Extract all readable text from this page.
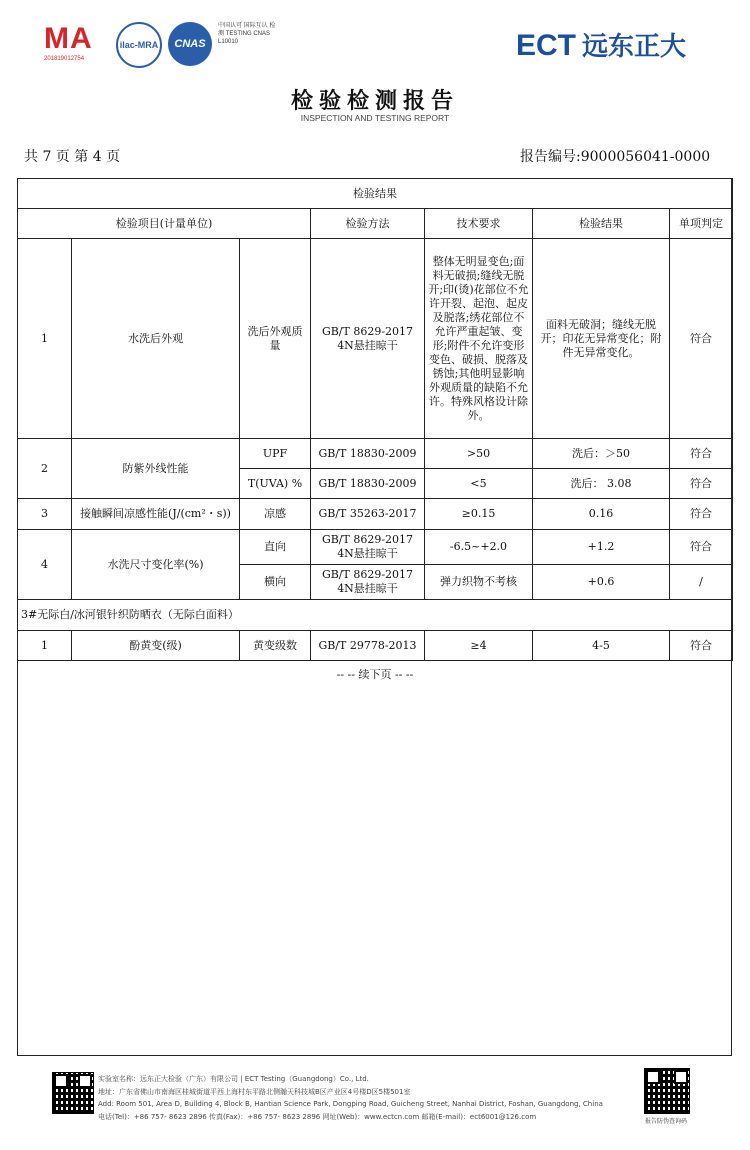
MA
201819012754
ilac-MRA CNAS
中国认可 国际互认 检测 TESTING CNAS L10010	ECT 远东正大
检验检测报告
INSPECTION AND TESTING REPORT
共 7 页 第 4 页	报告编号:9000056041-0000
检验结果						
检验项目(计量单位)			检验方法	技术要求	检验结果	单项判定
1	水洗后外观	洗后外观质量	GB/T 8629-2017 4N悬挂晾干	整体无明显变色;面料无破损;缝线无脱开;印(烫)花部位不允许开裂、起泡、起皮及脱落;绣花部位不允许严重起皱、变形;附件不允许变形变色、破损、脱落及锈蚀;其他明显影响外观质量的缺陷不允许。特殊风格设计除外。	面料无破洞；缝线无脱开；印花无异常变化；附件无异常变化。	符合
2	防紫外线性能	UPF	GB/T 18830-2009	>50	洗后：＞50	符合
		T(UVA) %	GB/T 18830-2009	<5	洗后： 3.08	符合
3	接触瞬间凉感性能(J/(cm²・s))	凉感	GB/T 35263-2017	≥0.15	0.16	符合
4	水洗尺寸变化率(%)	直向	GB/T 8629-2017 4N悬挂晾干	-6.5~+2.0	+1.2	符合
		横向	GB/T 8629-2017 4N悬挂晾干	弹力织物不考核	+0.6	/
3#无际白/冰河银针织防晒衣（无际白面料）						
1	酚黄变(级)	黄变级数	GB/T 29778-2013	≥4	4-5	符合
-- -- 续下页 -- --
实验室名称：远东正大检验（广东）有限公司 | ECT Testing（Guangdong）Co., Ltd.
地址：广东省佛山市南海区桂城街道平西上海村东平路北侧瀚天科技城B区产业区4号楼D区5楼501室
Add: Room 501, Area D, Building 4, Block B, Hantian Science Park, Dongping Road, Guicheng Street, Nanhai District, Foshan, Guangdong, China
电话(Tel)：+86 757- 8623 2896 传真(Fax)：+86 757- 8623 2896 网址(Web)：www.ectcn.com 邮箱(E-mail)：ect6001@126.com
报告防伪查询码
